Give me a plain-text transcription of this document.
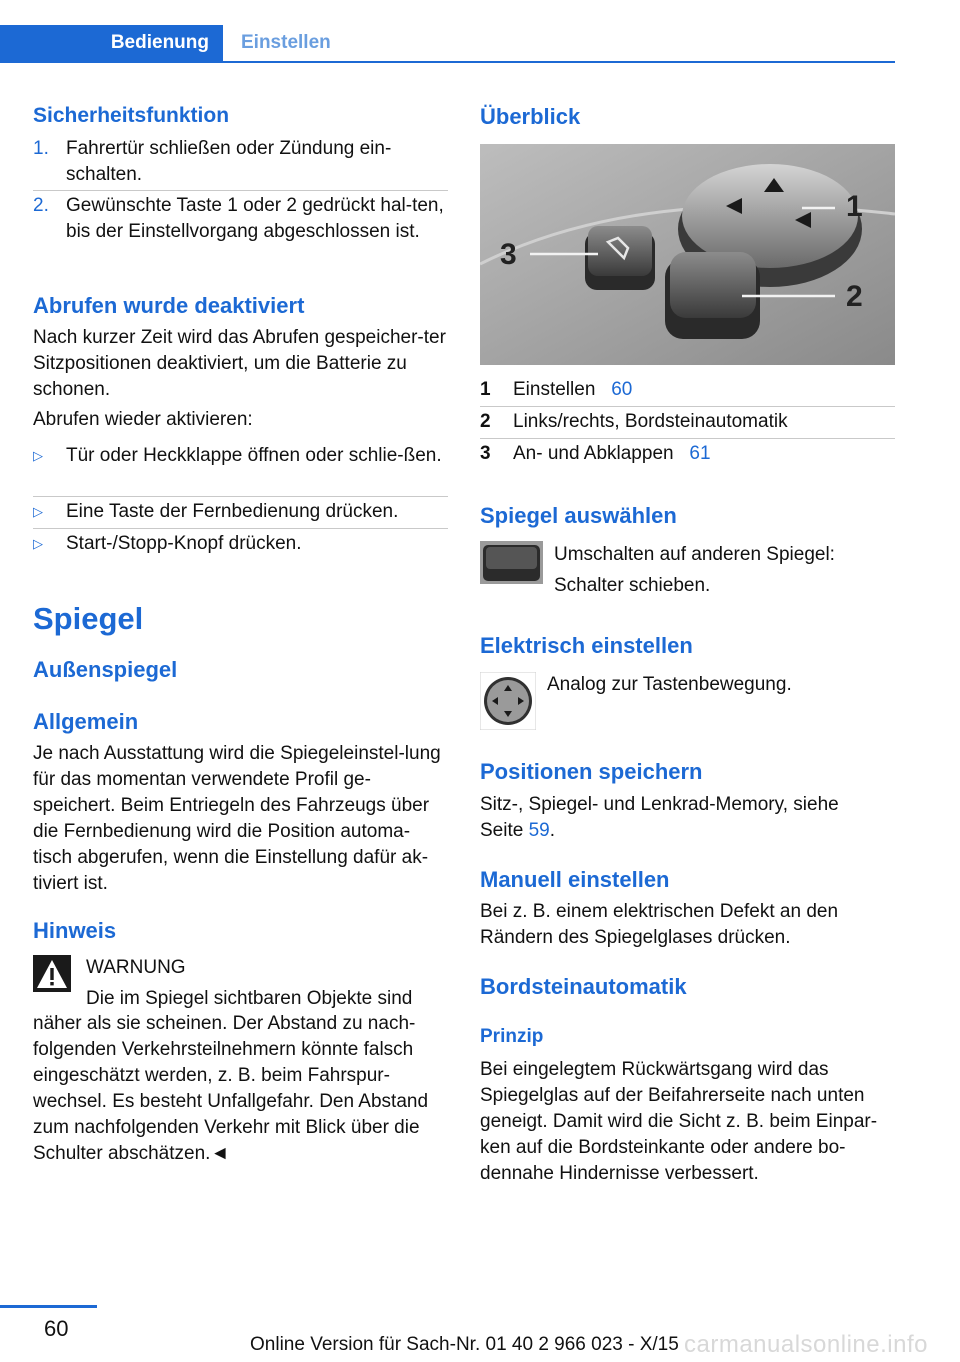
Bedienung	Einstellen
Sicherheitsfunktion
1. Fahrertür schließen oder Zündung ein-schalten.
2. Gewünschte Taste 1 oder 2 gedrückt hal-ten, bis der Einstellvorgang abgeschlossen ist.
Abrufen wurde deaktiviert

Nach kurzer Zeit wird das Abrufen gespeicher-ter Sitzpositionen deaktiviert, um die Batterie zu schonen.

Abrufen wieder aktivieren:

▷ Tür oder Heckklappe öffnen oder schlie-ßen.
▷ Eine Taste der Fernbedienung drücken.
▷ Start-/Stopp-Knopf drücken.
Spiegel
Außenspiegel
Allgemein

Je nach Ausstattung wird die Spiegeleinstel-lung für das momentan verwendete Profil ge-speichert. Beim Entriegeln des Fahrzeugs über die Fernbedienung wird die Position automa-tisch abgerufen, wenn die Einstellung dafür ak-tiviert ist.

Hinweis
WARNUNG
Die im Spiegel sichtbaren Objekte sind
näher als sie scheinen. Der Abstand zu nach-folgenden Verkehrsteilnehmern könnte falsch eingeschätzt werden, z. B. beim Fahrspur-wechsel. Es besteht Unfallgefahr. Den Abstand zum nachfolgenden Verkehr mit Blick über die Schulter abschätzen.◄
Überblick
1
2
3
1 Einstellen 60
2 Links/rechts, Bordsteinautomatik
3 An- und Abklappen 61
Spiegel auswählen
Umschalten auf anderen Spiegel:
Schalter schieben.
Elektrisch einstellen
Analog zur Tastenbewegung.
Positionen speichern
Sitz-, Spiegel- und Lenkrad-Memory, siehe
Seite 59.
Manuell einstellen

Bei z. B. einem elektrischen Defekt an den Rändern des Spiegelglases drücken.

Bordsteinautomatik
Prinzip

Bei eingelegtem Rückwärtsgang wird das Spiegelglas auf der Beifahrerseite nach unten geneigt. Damit wird die Sicht z. B. beim Einpar-ken auf die Bordsteinkante oder andere bo-dennahe Hindernisse verbessert.

60
Online Version für Sach-Nr. 01 40 2 966 023 - X/15 carmanualsonline.info
